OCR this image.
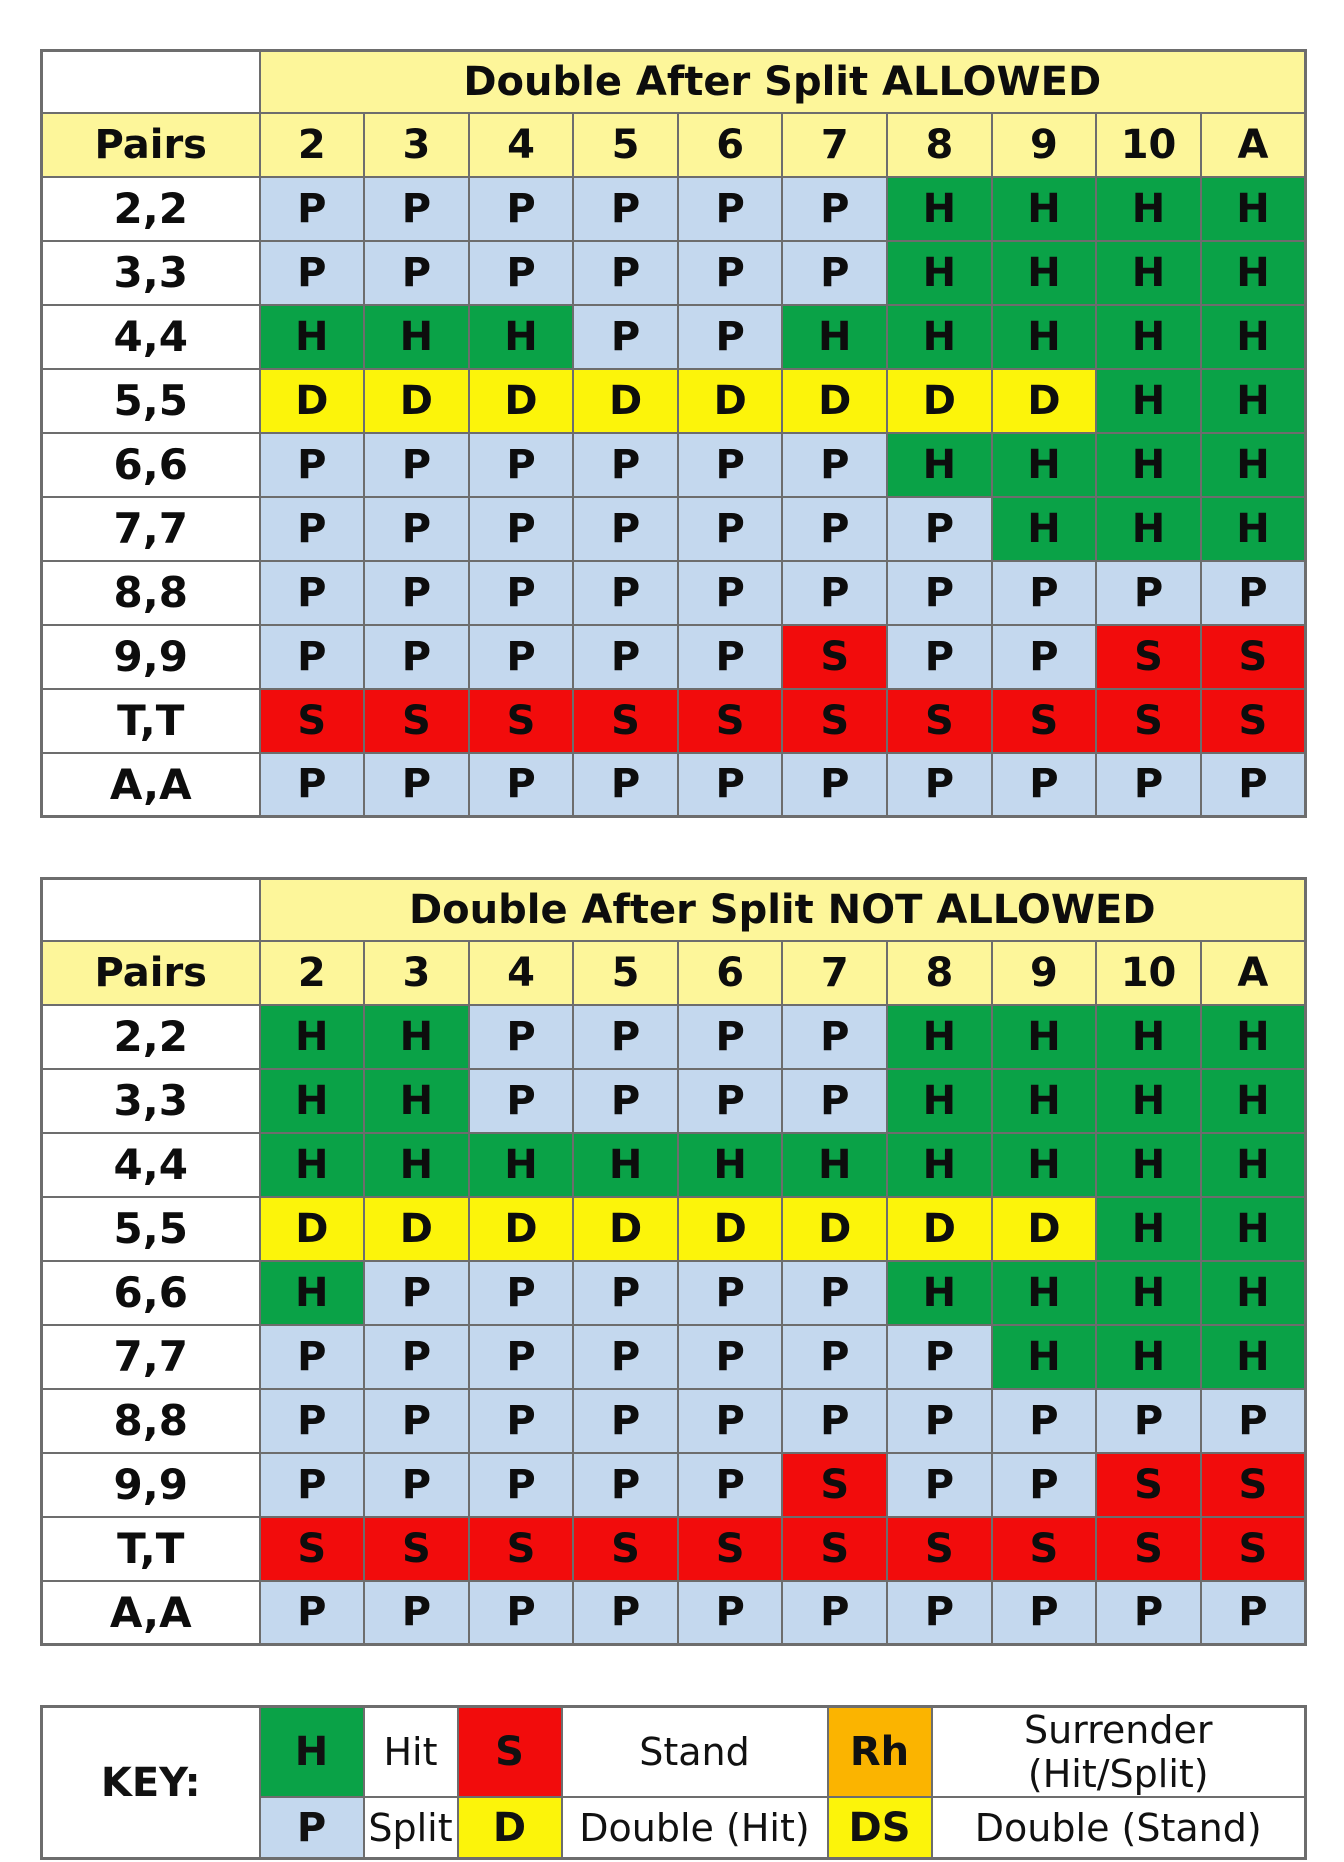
	Double After Split ALLOWED									
Pairs	2	3	4	5	6	7	8	9	10	A
2,2	P	P	P	P	P	P	H	H	H	H
3,3	P	P	P	P	P	P	H	H	H	H
4,4	H	H	H	P	P	H	H	H	H	H
5,5	D	D	D	D	D	D	D	D	H	H
6,6	P	P	P	P	P	P	H	H	H	H
7,7	P	P	P	P	P	P	P	H	H	H
8,8	P	P	P	P	P	P	P	P	P	P
9,9	P	P	P	P	P	S	P	P	S	S
T,T	S	S	S	S	S	S	S	S	S	S
A,A	P	P	P	P	P	P	P	P	P	P
	Double After Split NOT ALLOWED									
Pairs	2	3	4	5	6	7	8	9	10	A
2,2	H	H	P	P	P	P	H	H	H	H
3,3	H	H	P	P	P	P	H	H	H	H
4,4	H	H	H	H	H	H	H	H	H	H
5,5	D	D	D	D	D	D	D	D	H	H
6,6	H	P	P	P	P	P	H	H	H	H
7,7	P	P	P	P	P	P	P	H	H	H
8,8	P	P	P	P	P	P	P	P	P	P
9,9	P	P	P	P	P	S	P	P	S	S
T,T	S	S	S	S	S	S	S	S	S	S
A,A	P	P	P	P	P	P	P	P	P	P
KEY:	H	Hit	S	Stand	Rh	Surrender (Hit/Split)
	P	Split	D	Double (Hit)	DS	Double (Stand)
